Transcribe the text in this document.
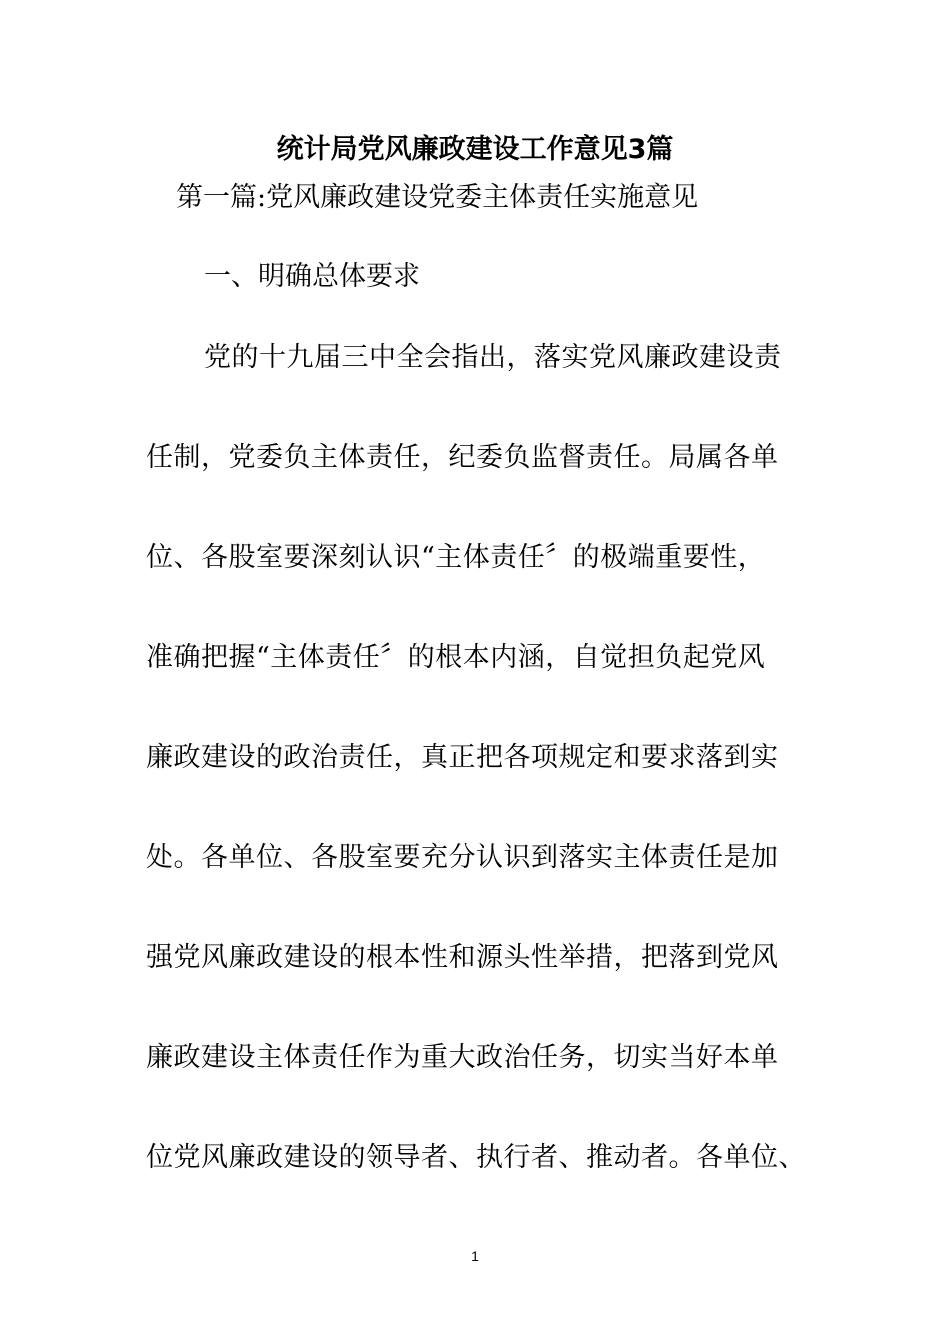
统计局党风廉政建设工作意见3篇
第一篇:党风廉政建设党委主体责任实施意见
一、明确总体要求
党的十九届三中全会指出，落实党风廉政建设责
任制，党委负主体责任，纪委负监督责任。局属各单
位、各股室要深刻认识“主体责任〞的极端重要性，
准确把握“主体责任〞的根本内涵，自觉担负起党风
廉政建设的政治责任，真正把各项规定和要求落到实
处。各单位、各股室要充分认识到落实主体责任是加
强党风廉政建设的根本性和源头性举措，把落到党风
廉政建设主体责任作为重大政治任务，切实当好本单
位党风廉政建设的领导者、执行者、推动者。各单位、
1
